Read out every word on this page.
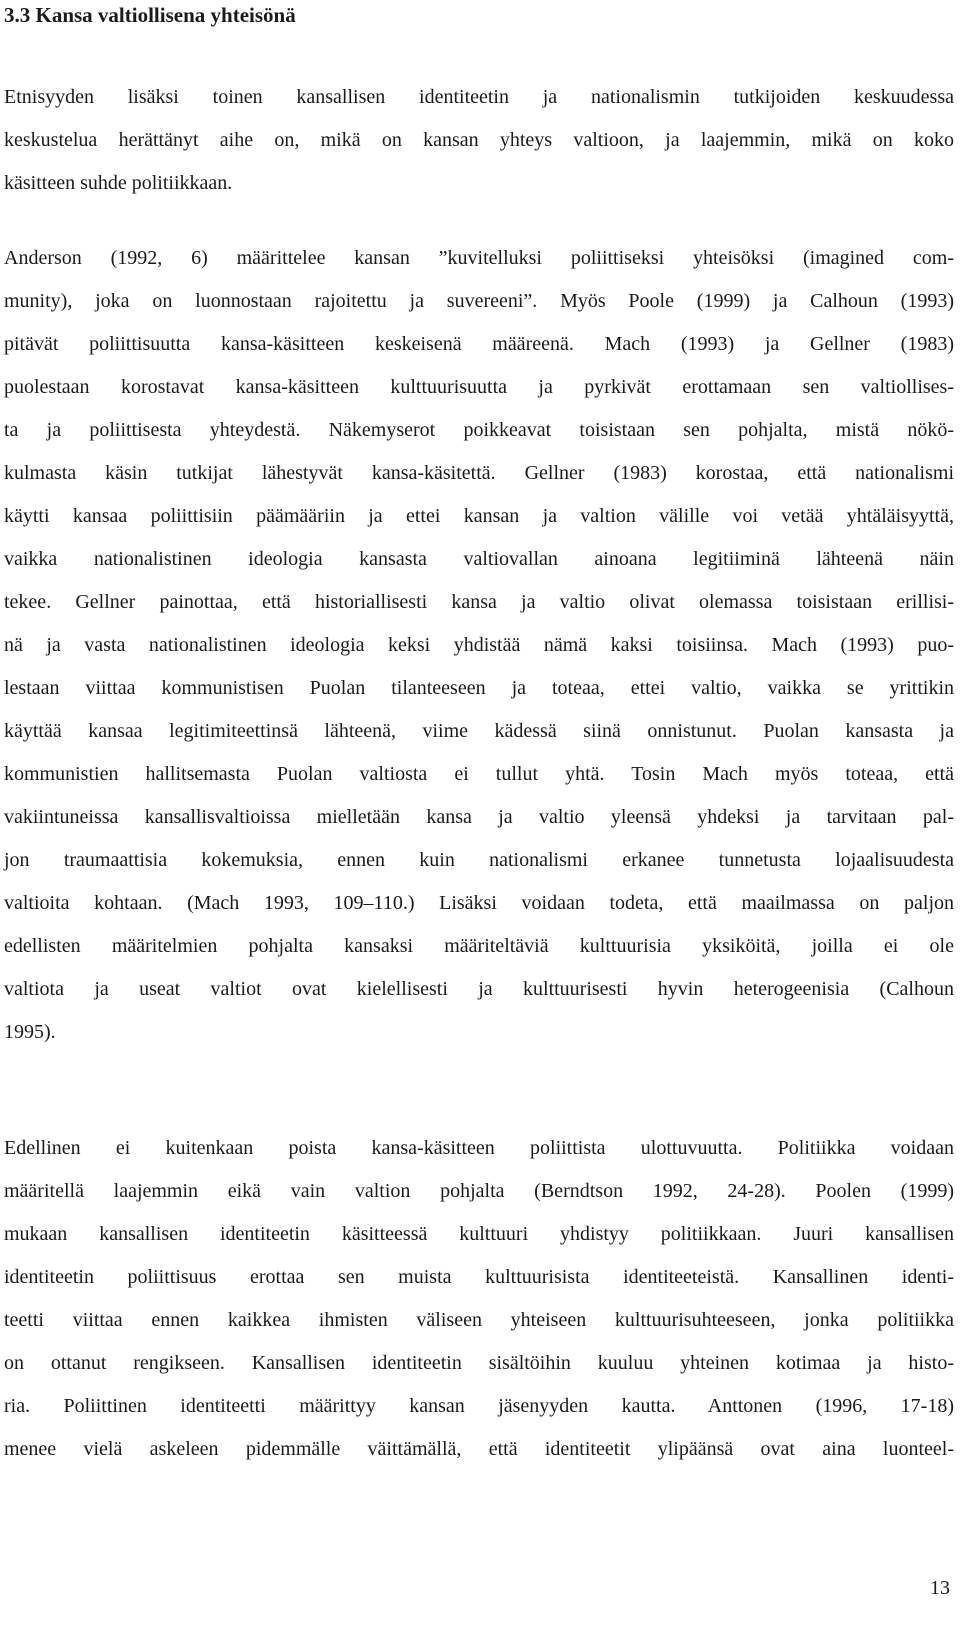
3.3 Kansa valtiollisena yhteisönä
Etnisyyden lisäksi toinen kansallisen identiteetin ja nationalismin tutkijoiden keskuudessa
keskustelua herättänyt aihe on, mikä on kansan yhteys valtioon, ja laajemmin, mikä on koko
käsitteen suhde politiikkaan.
Anderson (1992, 6) määrittelee kansan ”kuvitelluksi poliittiseksi yhteisöksi (imagined com-
munity), joka on luonnostaan rajoitettu ja suvereeni”. Myös Poole (1999) ja Calhoun (1993)
pitävät poliittisuutta kansa-käsitteen keskeisenä määreenä. Mach (1993) ja Gellner (1983)
puolestaan korostavat kansa-käsitteen kulttuurisuutta ja pyrkivät erottamaan sen valtiollises-
ta ja poliittisesta yhteydestä. Näkemyserot poikkeavat toisistaan sen pohjalta, mistä nökö-
kulmasta käsin tutkijat lähestyvät kansa-käsitettä. Gellner (1983) korostaa, että nationalismi
käytti kansaa poliittisiin päämääriin ja ettei kansan ja valtion välille voi vetää yhtäläisyyttä,
vaikka nationalistinen ideologia kansasta valtiovallan ainoana legitiiminä lähteenä näin
tekee. Gellner painottaa, että historiallisesti kansa ja valtio olivat olemassa toisistaan erillisi-
nä ja vasta nationalistinen ideologia keksi yhdistää nämä kaksi toisiinsa. Mach (1993) puo-
lestaan viittaa kommunistisen Puolan tilanteeseen ja toteaa, ettei valtio, vaikka se yrittikin
käyttää kansaa legitimiteettinsä lähteenä, viime kädessä siinä onnistunut. Puolan kansasta ja
kommunistien hallitsemasta Puolan valtiosta ei tullut yhtä. Tosin Mach myös toteaa, että
vakiintuneissa kansallisvaltioissa mielletään kansa ja valtio yleensä yhdeksi ja tarvitaan pal-
jon traumaattisia kokemuksia, ennen kuin nationalismi erkanee tunnetusta lojaalisuudesta
valtioita kohtaan. (Mach 1993, 109–110.) Lisäksi voidaan todeta, että maailmassa on paljon
edellisten määritelmien pohjalta kansaksi määriteltäviä kulttuurisia yksiköitä, joilla ei ole
valtiota ja useat valtiot ovat kielellisesti ja kulttuurisesti hyvin heterogeenisia (Calhoun
1995).
Edellinen ei kuitenkaan poista kansa-käsitteen poliittista ulottuvuutta. Politiikka voidaan
määritellä laajemmin eikä vain valtion pohjalta (Berndtson 1992, 24-28). Poolen (1999)
mukaan kansallisen identiteetin käsitteessä kulttuuri yhdistyy politiikkaan. Juuri kansallisen
identiteetin poliittisuus erottaa sen muista kulttuurisista identiteeteistä. Kansallinen identi-
teetti viittaa ennen kaikkea ihmisten väliseen yhteiseen kulttuurisuhteeseen, jonka politiikka
on ottanut rengikseen. Kansallisen identiteetin sisältöihin kuuluu yhteinen kotimaa ja histo-
ria. Poliittinen identiteetti määrittyy kansan jäsenyyden kautta. Anttonen (1996, 17-18)
menee vielä askeleen pidemmälle väittämällä, että identiteetit ylipäänsä ovat aina luonteel-
13
